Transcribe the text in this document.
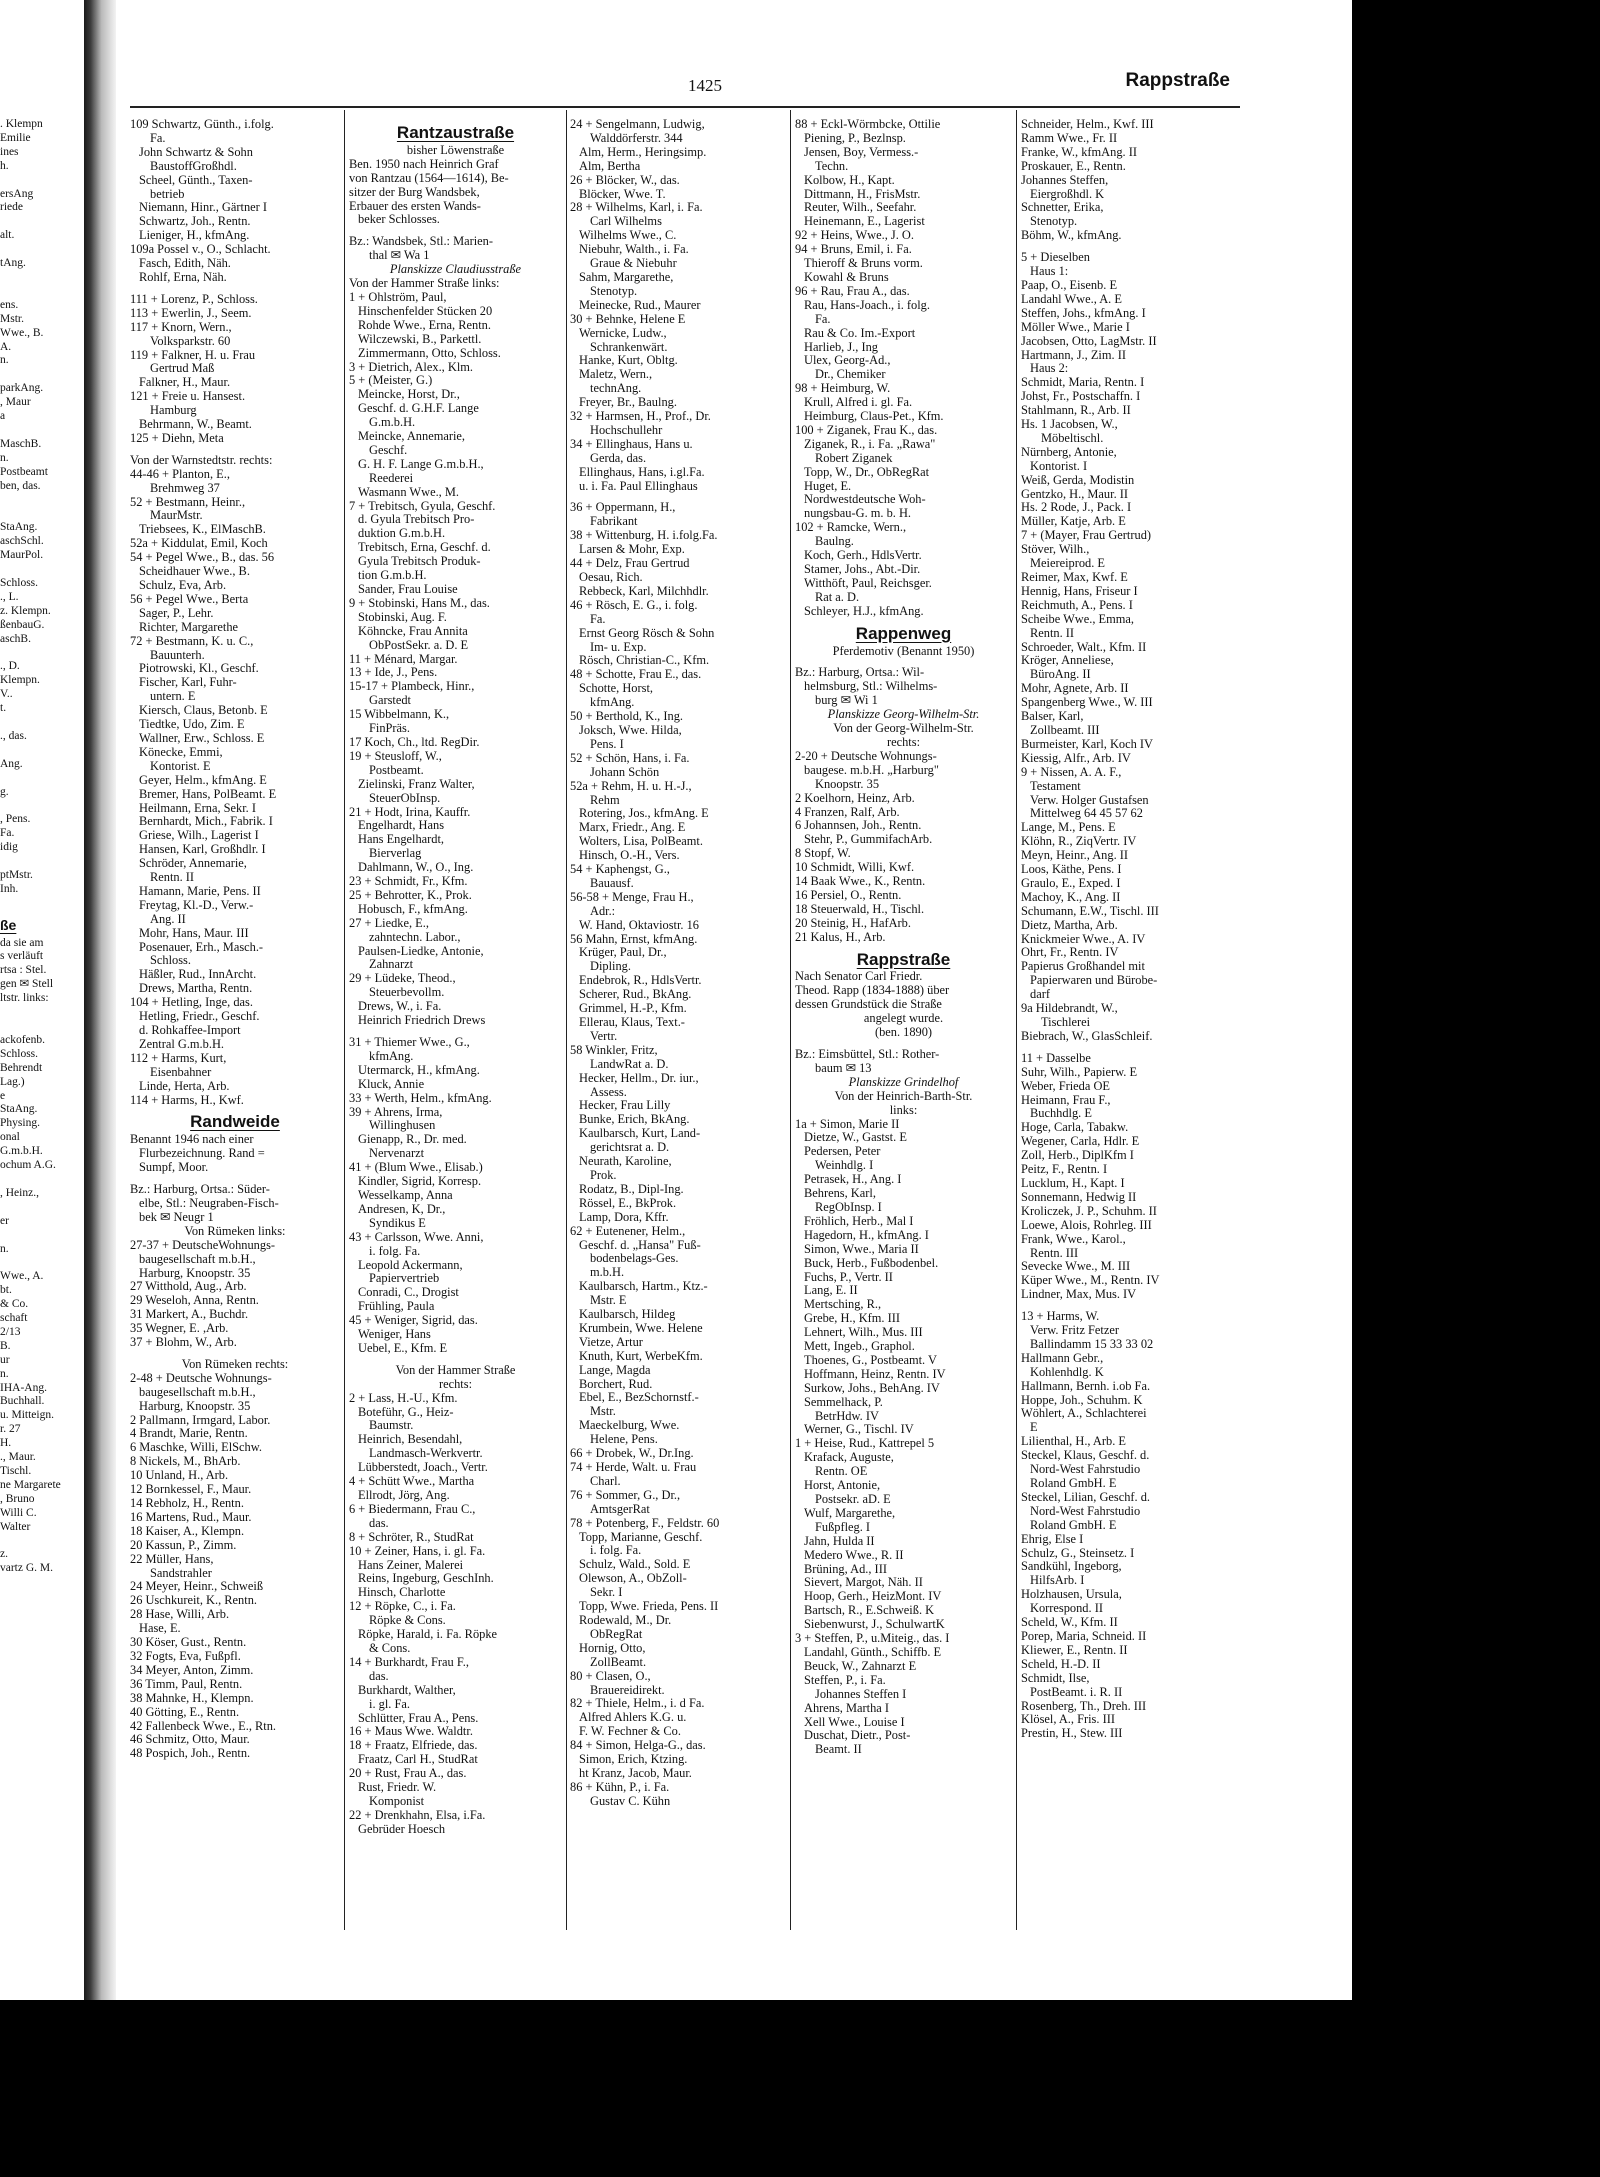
1425	Rappstraße
. Klempn
Emilie
ines
h.

ersAng
riede

alt.

tAng.

ens.
Mstr.
Wwe., B.
A.
n.

parkAng.
, Maur
a

MaschB.
n.
Postbeamt
ben, das.

StaAng.
aschSchl.
MaurPol.

Schloss.
., L.
z. Klempn.
ßenbauG.
aschB.

., D.
Klempn.
V..
t.

., das.

Ang.

g.

, Pens.
Fa.
idig

ptMstr.
Inh.

ße
da sie am
s verläuft
rtsa : Stel.
gen ✉ Stell
ltstr. links:

ackofenb.
Schloss.
Behrendt
Lag.)
e
StaAng.
Physing.
onal
G.m.b.H.
ochum A.G.

, Heinz.,

er

n.

Wwe., A.
bt.
& Co.
schaft
2/13
B.
ur
n.
IHA-Ang.
Buchhall.
u. Mitteign.
r. 27
H.
., Maur.
Tischl.
ne Margarete
, Bruno
Willi C.
Walter

z.
vartz G. M.
109 Schwartz, Günth., i.folg.
Fa.
John Schwartz & Sohn
BaustoffGroßhdl.
Scheel, Günth., Taxen-
betrieb
Niemann, Hinr., Gärtner I
Schwartz, Joh., Rentn.
Lieniger, H., kfmAng.
109a Possel v., O., Schlacht.
Fasch, Edith, Näh.
Rohlf, Erna, Näh.
111 + Lorenz, P., Schloss.
113 + Ewerlin, J., Seem.
117 + Knorn, Wern.,
Volksparkstr. 60
119 + Falkner, H. u. Frau
Gertrud Maß
Falkner, H., Maur.
121 + Freie u. Hansest.
Hamburg
Behrmann, W., Beamt.
125 + Diehn, Meta
Von der Warnstedtstr. rechts:
44-46 + Planton, E.,
Brehmweg 37
52 + Bestmann, Heinr.,
MaurMstr.
Triebsees, K., ElMaschB.
52a + Kiddulat, Emil, Koch
54 + Pegel Wwe., B., das. 56
Scheidhauer Wwe., B.
Schulz, Eva, Arb.
56 + Pegel Wwe., Berta
Sager, P., Lehr.
Richter, Margarethe
72 + Bestmann, K. u. C.,
Bauunterh.
Piotrowski, Kl., Geschf.
Fischer, Karl, Fuhr-
untern. E
Kiersch, Claus, Betonb. E
Tiedtke, Udo, Zim. E
Wallner, Erw., Schloss. E
Könecke, Emmi,
Kontorist. E
Geyer, Helm., kfmAng. E
Bremer, Hans, PolBeamt. E
Heilmann, Erna, Sekr. I
Bernhardt, Mich., Fabrik. I
Griese, Wilh., Lagerist I
Hansen, Karl, Großhdlr. I
Schröder, Annemarie,
Rentn. II
Hamann, Marie, Pens. II
Freytag, Kl.-D., Verw.-
Ang. II
Mohr, Hans, Maur. III
Posenauer, Erh., Masch.-
Schloss.
Häßler, Rud., InnArcht.
Drews, Martha, Rentn.
104 + Hetling, Inge, das.
Hetling, Friedr., Geschf.
d. Rohkaffee-Import
Zentral G.m.b.H.
112 + Harms, Kurt,
Eisenbahner
Linde, Herta, Arb.
114 + Harms, H., Kwf.
Randweide
Benannt 1946 nach einer
Flurbezeichnung. Rand =
Sumpf, Moor.
Bz.: Harburg, Ortsa.: Süder-
elbe, Stl.: Neugraben-Fisch-
bek ✉ Neugr 1
Von Rümeken links:
27-37 + DeutscheWohnungs-
baugesellschaft m.b.H.,
Harburg, Knoopstr. 35
27 Witthold, Aug., Arb.
29 Weseloh, Anna, Rentn.
31 Markert, A., Buchdr.
35 Wegner, E. ,Arb.
37 + Blohm, W., Arb.
Von Rümeken rechts:
2-48 + Deutsche Wohnungs-
baugesellschaft m.b.H.,
Harburg, Knoopstr. 35
2 Pallmann, Irmgard, Labor.
4 Brandt, Marie, Rentn.
6 Maschke, Willi, ElSchw.
8 Nickels, M., BhArb.
10 Unland, H., Arb.
12 Bornkessel, F., Maur.
14 Rebholz, H., Rentn.
16 Martens, Rud., Maur.
18 Kaiser, A., Klempn.
20 Kassun, P., Zimm.
22 Müller, Hans,
Sandstrahler
24 Meyer, Heinr., Schweiß
26 Uschkureit, K., Rentn.
28 Hase, Willi, Arb.
Hase, E.
30 Köser, Gust., Rentn.
32 Fogts, Eva, Fußpfl.
34 Meyer, Anton, Zimm.
36 Timm, Paul, Rentn.
38 Mahnke, H., Klempn.
40 Götting, E., Rentn.
42 Fallenbeck Wwe., E., Rtn.
46 Schmitz, Otto, Maur.
48 Pospich, Joh., Rentn.
Rantzaustraße
bisher Löwenstraße
Ben. 1950 nach Heinrich Graf
von Rantzau (1564—1614), Be-
sitzer der Burg Wandsbek,
Erbauer des ersten Wands-
beker Schlosses.
Bz.: Wandsbek, Stl.: Marien-
thal ✉ Wa 1
Planskizze Claudiusstraße
Von der Hammer Straße links:
1 + Ohlström, Paul,
Hinschenfelder Stücken 20
Rohde Wwe., Erna, Rentn.
Wilczewski, B., Parkettl.
Zimmermann, Otto, Schloss.
3 + Dietrich, Alex., Klm.
5 + (Meister, G.)
Meincke, Horst, Dr.,
Geschf. d. G.H.F. Lange
G.m.b.H.
Meincke, Annemarie,
Geschf.
G. H. F. Lange G.m.b.H.,
Reederei
Wasmann Wwe., M.
7 + Trebitsch, Gyula, Geschf.
d. Gyula Trebitsch Pro-
duktion G.m.b.H.
Trebitsch, Erna, Geschf. d.
Gyula Trebitsch Produk-
tion G.m.b.H.
Sander, Frau Louise
9 + Stobinski, Hans M., das.
Stobinski, Aug. F.
Köhncke, Frau Annita
ObPostSekr. a. D. E
11 + Ménard, Margar.
13 + Ide, J., Pens.
15-17 + Plambeck, Hinr.,
Garstedt
15 Wibbelmann, K.,
FinPräs.
17 Koch, Ch., ltd. RegDir.
19 + Steusloff, W.,
Postbeamt.
Zielinski, Franz Walter,
SteuerObInsp.
21 + Hodt, Irina, Kauffr.
Engelhardt, Hans
Hans Engelhardt,
Bierverlag
Dahlmann, W., O., Ing.
23 + Schmidt, Fr., Kfm.
25 + Behrotter, K., Prok.
Hobusch, F., kfmAng.
27 + Liedke, E.,
zahntechn. Labor.,
Paulsen-Liedke, Antonie,
Zahnarzt
29 + Lüdeke, Theod.,
Steuerbevollm.
Drews, W., i. Fa.
Heinrich Friedrich Drews
31 + Thiemer Wwe., G.,
kfmAng.
Utermarck, H., kfmAng.
Kluck, Annie
33 + Werth, Helm., kfmAng.
39 + Ahrens, Irma,
Willinghusen
Gienapp, R., Dr. med.
Nervenarzt
41 + (Blum Wwe., Elisab.)
Kindler, Sigrid, Korresp.
Wesselkamp, Anna
Andresen, K, Dr.,
Syndikus E
43 + Carlsson, Wwe. Anni,
i. folg. Fa.
Leopold Ackermann,
Papiervertrieb
Conradi, C., Drogist
Frühling, Paula
45 + Weniger, Sigrid, das.
Weniger, Hans
Uebel, E., Kfm. E
Von der Hammer Straße
rechts:
2 + Lass, H.-U., Kfm.
Boteführ, G., Heiz-
Baumstr.
Heinrich, Besendahl,
Landmasch-Werkvertr.
Lübberstedt, Joach., Vertr.
4 + Schütt Wwe., Martha
Ellrodt, Jörg, Ang.
6 + Biedermann, Frau C.,
das.
8 + Schröter, R., StudRat
10 + Zeiner, Hans, i. gl. Fa.
Hans Zeiner, Malerei
Reins, Ingeburg, GeschInh.
Hinsch, Charlotte
12 + Röpke, C., i. Fa.
Röpke & Cons.
Röpke, Harald, i. Fa. Röpke
& Cons.
14 + Burkhardt, Frau F.,
das.
Burkhardt, Walther,
i. gl. Fa.
Schlütter, Frau A., Pens.
16 + Maus Wwe. Waldtr.
18 + Fraatz, Elfriede, das.
Fraatz, Carl H., StudRat
20 + Rust, Frau A., das.
Rust, Friedr. W.
Komponist
22 + Drenkhahn, Elsa, i.Fa.
Gebrüder Hoesch
24 + Sengelmann, Ludwig,
Walddörferstr. 344
Alm, Herm., Heringsimp.
Alm, Bertha
26 + Blöcker, W., das.
Blöcker, Wwe. T.
28 + Wilhelms, Karl, i. Fa.
Carl Wilhelms
Wilhelms Wwe., C.
Niebuhr, Walth., i. Fa.
Graue & Niebuhr
Sahm, Margarethe,
Stenotyp.
Meinecke, Rud., Maurer
30 + Behnke, Helene E
Wernicke, Ludw.,
Schrankenwärt.
Hanke, Kurt, Obltg.
Maletz, Wern.,
technAng.
Freyer, Br., Baulng.
32 + Harmsen, H., Prof., Dr.
Hochschullehr
34 + Ellinghaus, Hans u.
Gerda, das.
Ellinghaus, Hans, i.gl.Fa.
u. i. Fa. Paul Ellinghaus
36 + Oppermann, H.,
Fabrikant
38 + Wittenburg, H. i.folg.Fa.
Larsen & Mohr, Exp.
44 + Delz, Frau Gertrud
Oesau, Rich.
Rebbeck, Karl, Milchhdlr.
46 + Rösch, E. G., i. folg.
Fa.
Ernst Georg Rösch & Sohn
Im- u. Exp.
Rösch, Christian-C., Kfm.
48 + Schotte, Frau E., das.
Schotte, Horst,
kfmAng.
50 + Berthold, K., Ing.
Joksch, Wwe. Hilda,
Pens. I
52 + Schön, Hans, i. Fa.
Johann Schön
52a + Rehm, H. u. H.-J.,
Rehm
Rotering, Jos., kfmAng. E
Marx, Friedr., Ang. E
Wolters, Lisa, PolBeamt.
Hinsch, O.-H., Vers.
54 + Kaphengst, G.,
Bauausf.
56-58 + Menge, Frau H.,
Adr.:
W. Hand, Oktaviostr. 16
56 Mahn, Ernst, kfmAng.
Krüger, Paul, Dr.,
Dipling.
Endebrok, R., HdlsVertr.
Scherer, Rud., BkAng.
Grimmel, H.-P., Kfm.
Ellerau, Klaus, Text.-
Vertr.
58 Winkler, Fritz,
LandwRat a. D.
Hecker, Hellm., Dr. iur.,
Assess.
Hecker, Frau Lilly
Bunke, Erich, BkAng.
Kaulbarsch, Kurt, Land-
gerichtsrat a. D.
Neurath, Karoline,
Prok.
Rodatz, B., Dipl-Ing.
Rössel, E., BkProk.
Lamp, Dora, Kffr.
62 + Eutenener, Helm.,
Geschf. d. „Hansa" Fuß-
bodenbelags-Ges.
m.b.H.
Kaulbarsch, Hartm., Ktz.-
Mstr. E
Kaulbarsch, Hildeg
Krumbein, Wwe. Helene
Vietze, Artur
Knuth, Kurt, WerbeKfm.
Lange, Magda
Borchert, Rud.
Ebel, E., BezSchornstf.-
Mstr.
Maeckelburg, Wwe.
Helene, Pens.
66 + Drobek, W., Dr.Ing.
74 + Herde, Walt. u. Frau
Charl.
76 + Sommer, G., Dr.,
AmtsgerRat
78 + Potenberg, F., Feldstr. 60
Topp, Marianne, Geschf.
i. folg. Fa.
Schulz, Wald., Sold. E
Olewson, A., ObZoll-
Sekr. I
Topp, Wwe. Frieda, Pens. II
Rodewald, M., Dr.
ObRegRat
Hornig, Otto,
ZollBeamt.
80 + Clasen, O.,
Brauereidirekt.
82 + Thiele, Helm., i. d Fa.
Alfred Ahlers K.G. u.
F. W. Fechner & Co.
84 + Simon, Helga-G., das.
Simon, Erich, Ktzing.
ht Kranz, Jacob, Maur.
86 + Kühn, P., i. Fa.
Gustav C. Kühn
88 + Eckl-Wörmbcke, Ottilie
Piening, P., Bezlnsp.
Jensen, Boy, Vermess.-
Techn.
Kolbow, H., Kapt.
Dittmann, H., FrisMstr.
Reuter, Wilh., Seefahr.
Heinemann, E., Lagerist
92 + Heins, Wwe., J. O.
94 + Bruns, Emil, i. Fa.
Thieroff & Bruns vorm.
Kowahl & Bruns
96 + Rau, Frau A., das.
Rau, Hans-Joach., i. folg.
Fa.
Rau & Co. Im.-Export
Harlieb, J., Ing
Ulex, Georg-Ad.,
Dr., Chemiker
98 + Heimburg, W.
Krull, Alfred i. gl. Fa.
Heimburg, Claus-Pet., Kfm.
100 + Ziganek, Frau K., das.
Ziganek, R., i. Fa. „Rawa"
Robert Ziganek
Topp, W., Dr., ObRegRat
Huget, E.
Nordwestdeutsche Woh-
nungsbau-G. m. b. H.
102 + Ramcke, Wern.,
Baulng.
Koch, Gerh., HdlsVertr.
Stamer, Johs., Abt.-Dir.
Witthöft, Paul, Reichsger.
Rat a. D.
Schleyer, H.J., kfmAng.
Rappenweg
Pferdemotiv (Benannt 1950)
Bz.: Harburg, Ortsa.: Wil-
helmsburg, Stl.: Wilhelms-
burg ✉ Wi 1
Planskizze Georg-Wilhelm-Str.
Von der Georg-Wilhelm-Str.
rechts:
2-20 + Deutsche Wohnungs-
baugese. m.b.H. „Harburg"
Knoopstr. 35
2 Koelhorn, Heinz, Arb.
4 Franzen, Ralf, Arb.
6 Johannsen, Joh., Rentn.
Stehr, P., GummifachArb.
8 Stopf, W.
10 Schmidt, Willi, Kwf.
14 Baak Wwe., K., Rentn.
16 Persiel, O., Rentn.
18 Steuerwald, H., Tischl.
20 Steinig, H., HafArb.
21 Kalus, H., Arb.
Rappstraße
Nach Senator Carl Friedr.
Theod. Rapp (1834-1888) über
dessen Grundstück die Straße
angelegt wurde.
(ben. 1890)
Bz.: Eimsbüttel, Stl.: Rother-
baum ✉ 13
Planskizze Grindelhof
Von der Heinrich-Barth-Str.
links:
1a + Simon, Marie II
Dietze, W., Gastst. E
Pedersen, Peter
Weinhdlg. I
Petrasek, H., Ang. I
Behrens, Karl,
RegObInsp. I
Fröhlich, Herb., Mal I
Hagedorn, H., kfmAng. I
Simon, Wwe., Maria II
Buck, Herb., Fußbodenbel.
Fuchs, P., Vertr. II
Lang, E. II
Mertsching, R.,
Grebe, H., Kfm. III
Lehnert, Wilh., Mus. III
Mett, Ingeb., Graphol.
Thoenes, G., Postbeamt. V
Hoffmann, Heinz, Rentn. IV
Surkow, Johs., BehAng. IV
Semmelhack, P.
BetrHdw. IV
Werner, G., Tischl. IV
1 + Heise, Rud., Kattrepel 5
Krafack, Auguste,
Rentn. OE
Horst, Antonie,
Postsekr. aD. E
Wulf, Margarethe,
Fußpfleg. I
Jahn, Hulda II
Medero Wwe., R. II
Brüning, Ad., III
Sievert, Margot, Näh. II
Hoop, Gerh., HeizMont. IV
Bartsch, R., E.Schweiß. K
Siebenwurst, J., SchulwartK
3 + Steffen, P., u.Miteig., das. I
Landahl, Günth., Schiffb. E
Beuck, W., Zahnarzt E
Steffen, P., i. Fa.
Johannes Steffen I
Ahrens, Martha I
Xell Wwe., Louise I
Duschat, Dietr., Post-
Beamt. II
Schneider, Helm., Kwf. III
Ramm Wwe., Fr. II
Franke, W., kfmAng. II
Proskauer, E., Rentn.
Johannes Steffen,
Eiergroßhdl. K
Schnetter, Erika,
Stenotyp.
Böhm, W., kfmAng.
5 + Dieselben
Haus 1:
Paap, O., Eisenb. E
Landahl Wwe., A. E
Steffen, Johs., kfmAng. I
Möller Wwe., Marie I
Jacobsen, Otto, LagMstr. II
Hartmann, J., Zim. II
Haus 2:
Schmidt, Maria, Rentn. I
Johst, Fr., Postschaffn. I
Stahlmann, R., Arb. II
Hs. 1 Jacobsen, W.,
Möbeltischl.
Nürnberg, Antonie,
Kontorist. I
Weiß, Gerda, Modistin
Gentzko, H., Maur. II
Hs. 2 Rode, J., Pack. I
Müller, Katje, Arb. E
7 + (Mayer, Frau Gertrud)
Stöver, Wilh.,
Meiereiprod. E
Reimer, Max, Kwf. E
Hennig, Hans, Friseur I
Reichmuth, A., Pens. I
Scheibe Wwe., Emma,
Rentn. II
Schroeder, Walt., Kfm. II
Kröger, Anneliese,
BüroAng. II
Mohr, Agnete, Arb. II
Spangenberg Wwe., W. III
Balser, Karl,
Zollbeamt. III
Burmeister, Karl, Koch IV
Kiessig, Alfr., Arb. IV
9 + Nissen, A. A. F.,
Testament
Verw. Holger Gustafsen
Mittelweg 64 45 57 62
Lange, M., Pens. E
Klöhn, R., ZiqVertr. IV
Meyn, Heinr., Ang. II
Loos, Käthe, Pens. I
Graulo, E., Exped. I
Machoy, K., Ang. II
Schumann, E.W., Tischl. III
Dietz, Martha, Arb.
Knickmeier Wwe., A. IV
Ohrt, Fr., Rentn. IV
Papierus Großhandel mit
Papierwaren und Bürobe-
darf
9a Hildebrandt, W.,
Tischlerei
Biebrach, W., GlasSchleif.
11 + Dasselbe
Suhr, Wilh., Papierw. E
Weber, Frieda OE
Heimann, Frau F.,
Buchhdlg. E
Hoge, Carla, Tabakw.
Wegener, Carla, Hdlr. E
Zoll, Herb., DiplKfm I
Peitz, F., Rentn. I
Lucklum, H., Kapt. I
Sonnemann, Hedwig II
Kroliczek, J. P., Schuhm. II
Loewe, Alois, Rohrleg. III
Frank, Wwe., Karol.,
Rentn. III
Sevecke Wwe., M. III
Küper Wwe., M., Rentn. IV
Lindner, Max, Mus. IV
13 + Harms, W.
Verw. Fritz Fetzer
Ballindamm 15 33 33 02
Hallmann Gebr.,
Kohlenhdlg. K
Hallmann, Bernh. i.ob Fa.
Hoppe, Joh., Schuhm. K
Wöhlert, A., Schlachterei
E
Lilienthal, H., Arb. E
Steckel, Klaus, Geschf. d.
Nord-West Fahrstudio
Roland GmbH. E
Steckel, Lilian, Geschf. d.
Nord-West Fahrstudio
Roland GmbH. E
Ehrig, Else I
Schulz, G., Steinsetz. I
Sandkühl, Ingeborg,
HilfsArb. I
Holzhausen, Ursula,
Korrespond. II
Scheld, W., Kfm. II
Porep, Maria, Schneid. II
Kliewer, E., Rentn. II
Scheld, H.-D. II
Schmidt, Ilse,
PostBeamt. i. R. II
Rosenberg, Th., Dreh. III
Klösel, A., Fris. III
Prestin, H., Stew. III
